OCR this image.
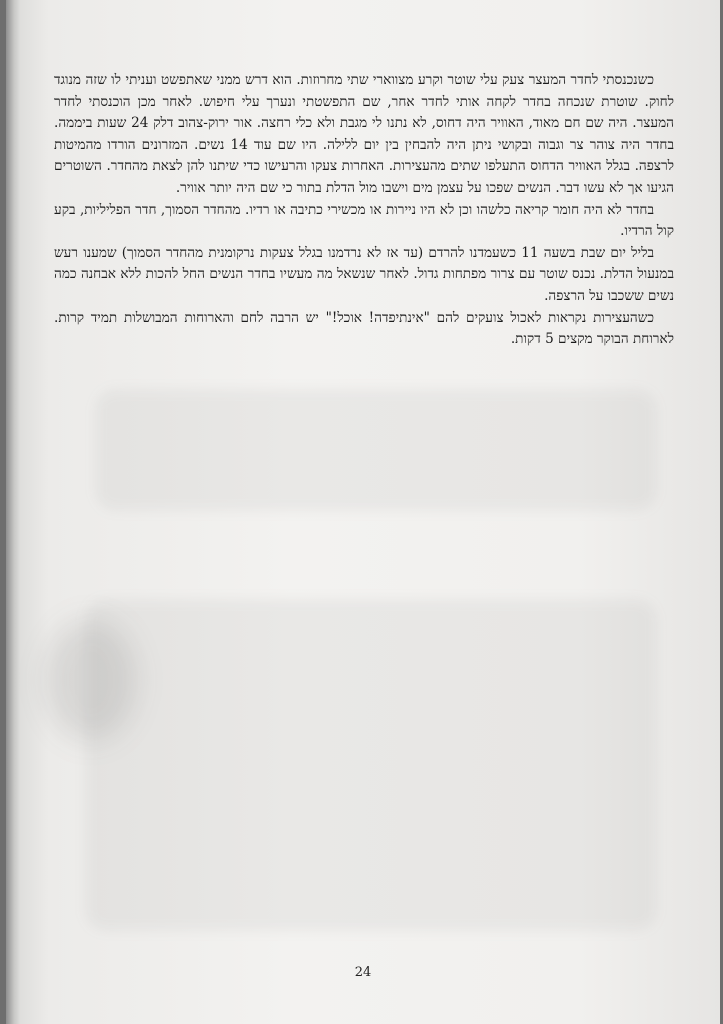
כשנכנסתי לחדר המעצר צעק עלי שוטר וקרע מצווארי שתי מחרוזות. הוא דרש ממני שאתפשט ועניתי לו שזה מנוגד לחוק. שוטרת שנכחה בחדר לקחה אותי לחדר אחר, שם התפשטתי ונערך עלי חיפוש. לאחר מכן הוכנסתי לחדר המעצר. היה שם חם מאוד, האוויר היה דחוס, לא נתנו לי מגבת ולא כלי רחצה. אור ירוק-צהוב דלק 24 שעות ביממה. בחדר היה צוהר צר וגבוה ובקושי ניתן היה להבחין בין יום ללילה. היו שם עוד 14 נשים. המזרונים הורדו מהמיטות לרצפה. בגלל האוויר הדחוס התעלפו שתים מהעצירות. האחרות צעקו והרעישו כדי שיתנו להן לצאת מהחדר. השוטרים הגיעו אך לא עשו דבר. הנשים שפכו על עצמן מים וישבו מול הדלת בתור כי שם היה יותר אוויר.

בחדר לא היה חומר קריאה כלשהו וכן לא היו ניירות או מכשירי כתיבה או רדיו. מהחדר הסמוך, חדר הפליליות, בקע קול הרדיו.

בליל יום שבת בשעה 11 כשעמדנו להרדם (עד אז לא נרדמנו בגלל צעקות נרקומנית מהחדר הסמוך) שמענו רעש במנעול הדלת. נכנס שוטר עם צרור מפתחות גדול. לאחר שנשאל מה מעשיו בחדר הנשים החל להכות ללא אבחנה כמה נשים ששכבו על הרצפה.

כשהעצירות נקראות לאכול צועקים להם "אינתיפדה! אוכל!" יש הרבה לחם והארוחות המבושלות תמיד קרות. לארוחת הבוקר מקצים 5 דקות.

24
